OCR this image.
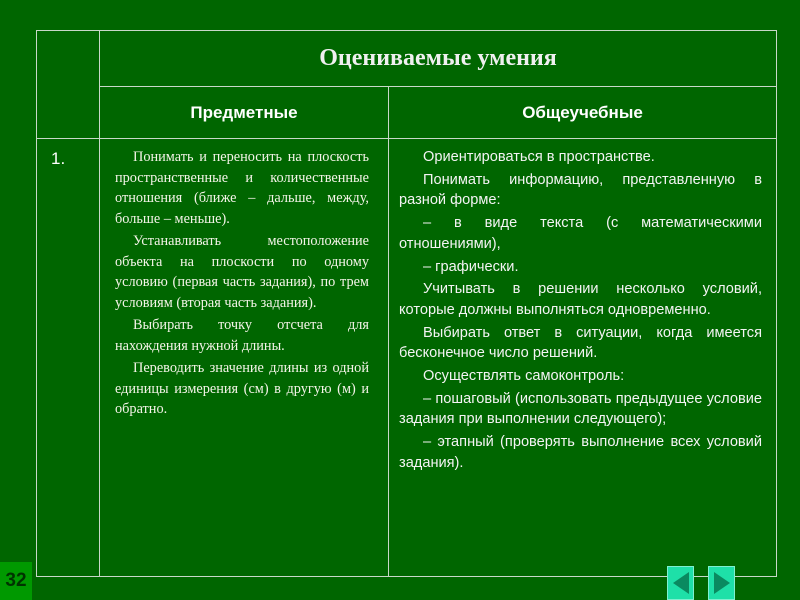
Оцениваемые умения
Предметные	Общеучебные
1.	Понимать и переносить на плоскость пространственные и количественные отношения (ближе – дальше, между, больше – меньше).

Устанавливать местоположение объекта на плоскости по одному условию (первая часть задания), по трем условиям (вторая часть задания).

Выбирать точку отсчета для нахождения нужной длины.

Переводить значение длины из одной единицы измерения (см) в другую (м) и обратно.

Ориентироваться в пространстве.

Понимать информацию, представленную в разной форме:

– в виде текста (с математическими отношениями),

– графически.

Учитывать в решении несколько условий, которые должны выполняться одновременно.

Выбирать ответ в ситуации, когда имеется бесконечное число решений.

Осуществлять самоконтроль:

– пошаговый (использовать предыдущее условие задания при выполнении следующего);

– этапный (проверять выполнение всех условий задания).

32
